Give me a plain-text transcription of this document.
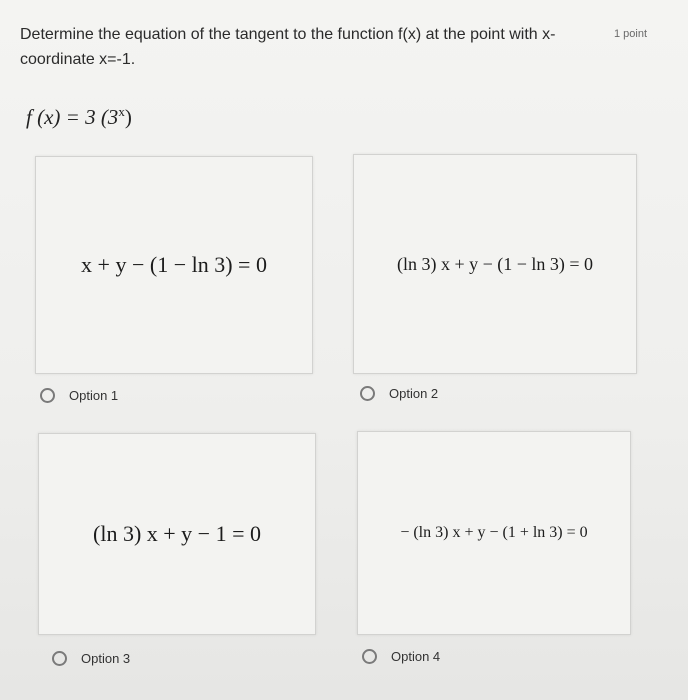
Determine the equation of the tangent to the function f(x) at the point with x-coordinate x=-1.
1 point
f (x) = 3 (3$^x$)
x + y − (1 − ln 3) = 0	(ln 3) x + y − (1 − ln 3) = 0
(ln 3) x + y − 1 = 0	− (ln 3) x + y − (1 + ln 3) = 0
Option 1	Option 2
Option 3	Option 4
